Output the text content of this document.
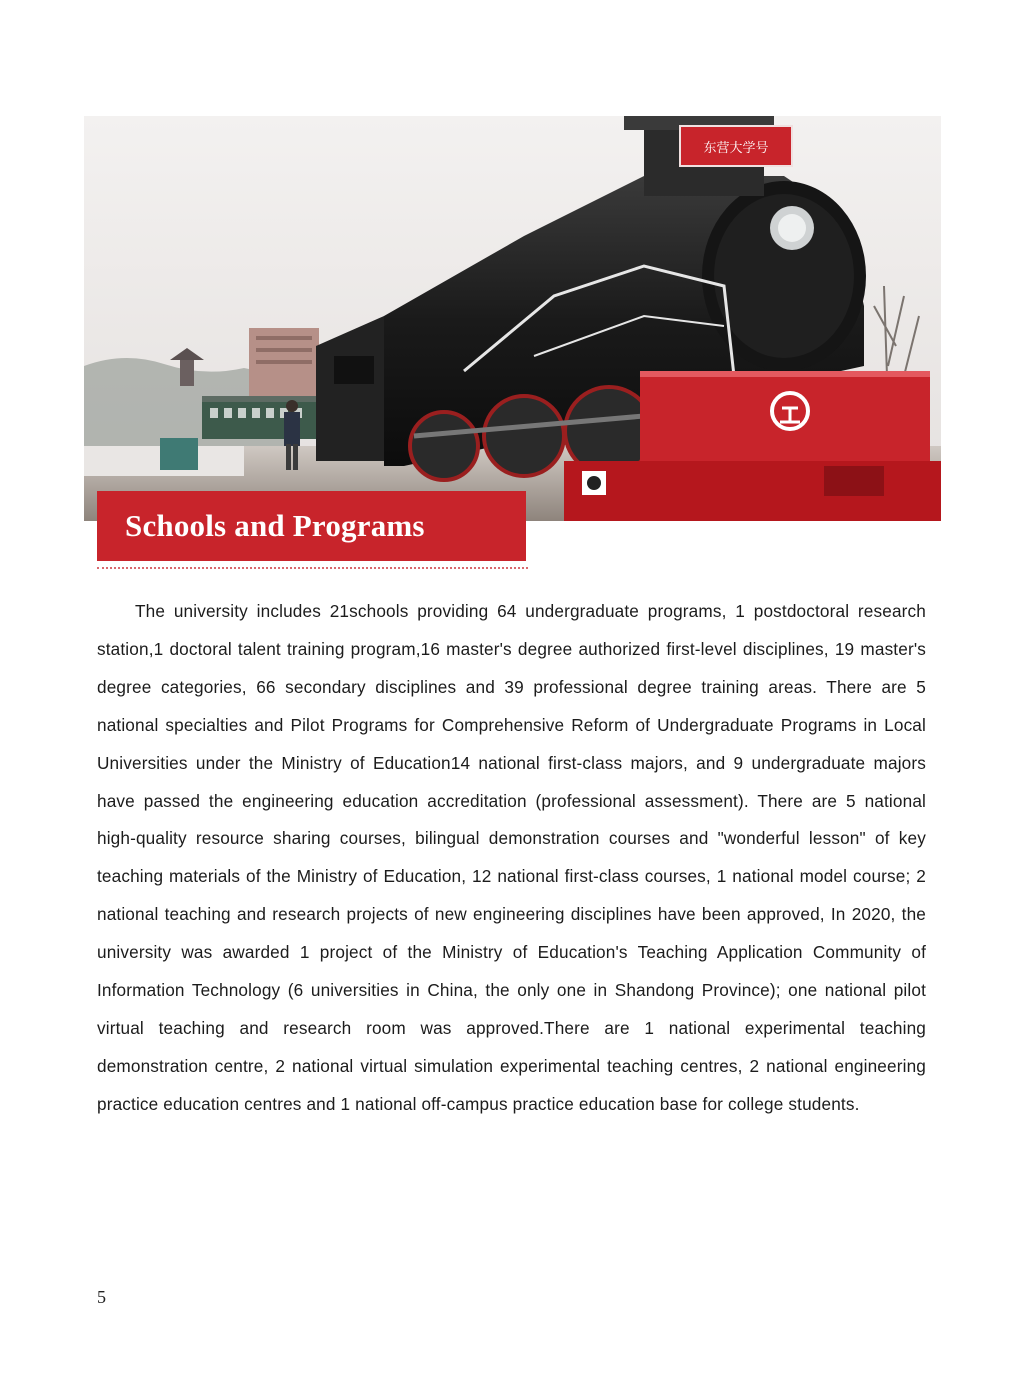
东营大学号
Schools and Programs

The university includes 21schools providing 64 undergraduate programs, 1 postdoctoral research station,1 doctoral talent training program,16 master's degree authorized first-level disciplines, 19 master's degree categories, 66 secondary disciplines and 39 professional degree training areas. There are 5 national specialties and Pilot Programs for Comprehensive Reform of Undergraduate Programs in Local Universities under the Ministry of Education14 national first-class majors, and 9 undergraduate majors have passed the engineering education accreditation (professional assessment). There are 5 national high-quality resource sharing courses, bilingual demonstration courses and "wonderful lesson" of key teaching materials of the Ministry of Education, 12 national first-class courses, 1 national model course; 2 national teaching and research projects of new engineering disciplines have been approved, In 2020, the university was awarded 1 project of the Ministry of Education's Teaching Application Community of Information Technology (6 universities in China, the only one in Shandong Province); one national pilot virtual teaching and research room was approved.There are 1 national experimental teaching demonstration centre, 2 national virtual simulation experimental teaching centres, 2 national engineering practice education centres and 1 national off-campus practice education base for college students.

5
